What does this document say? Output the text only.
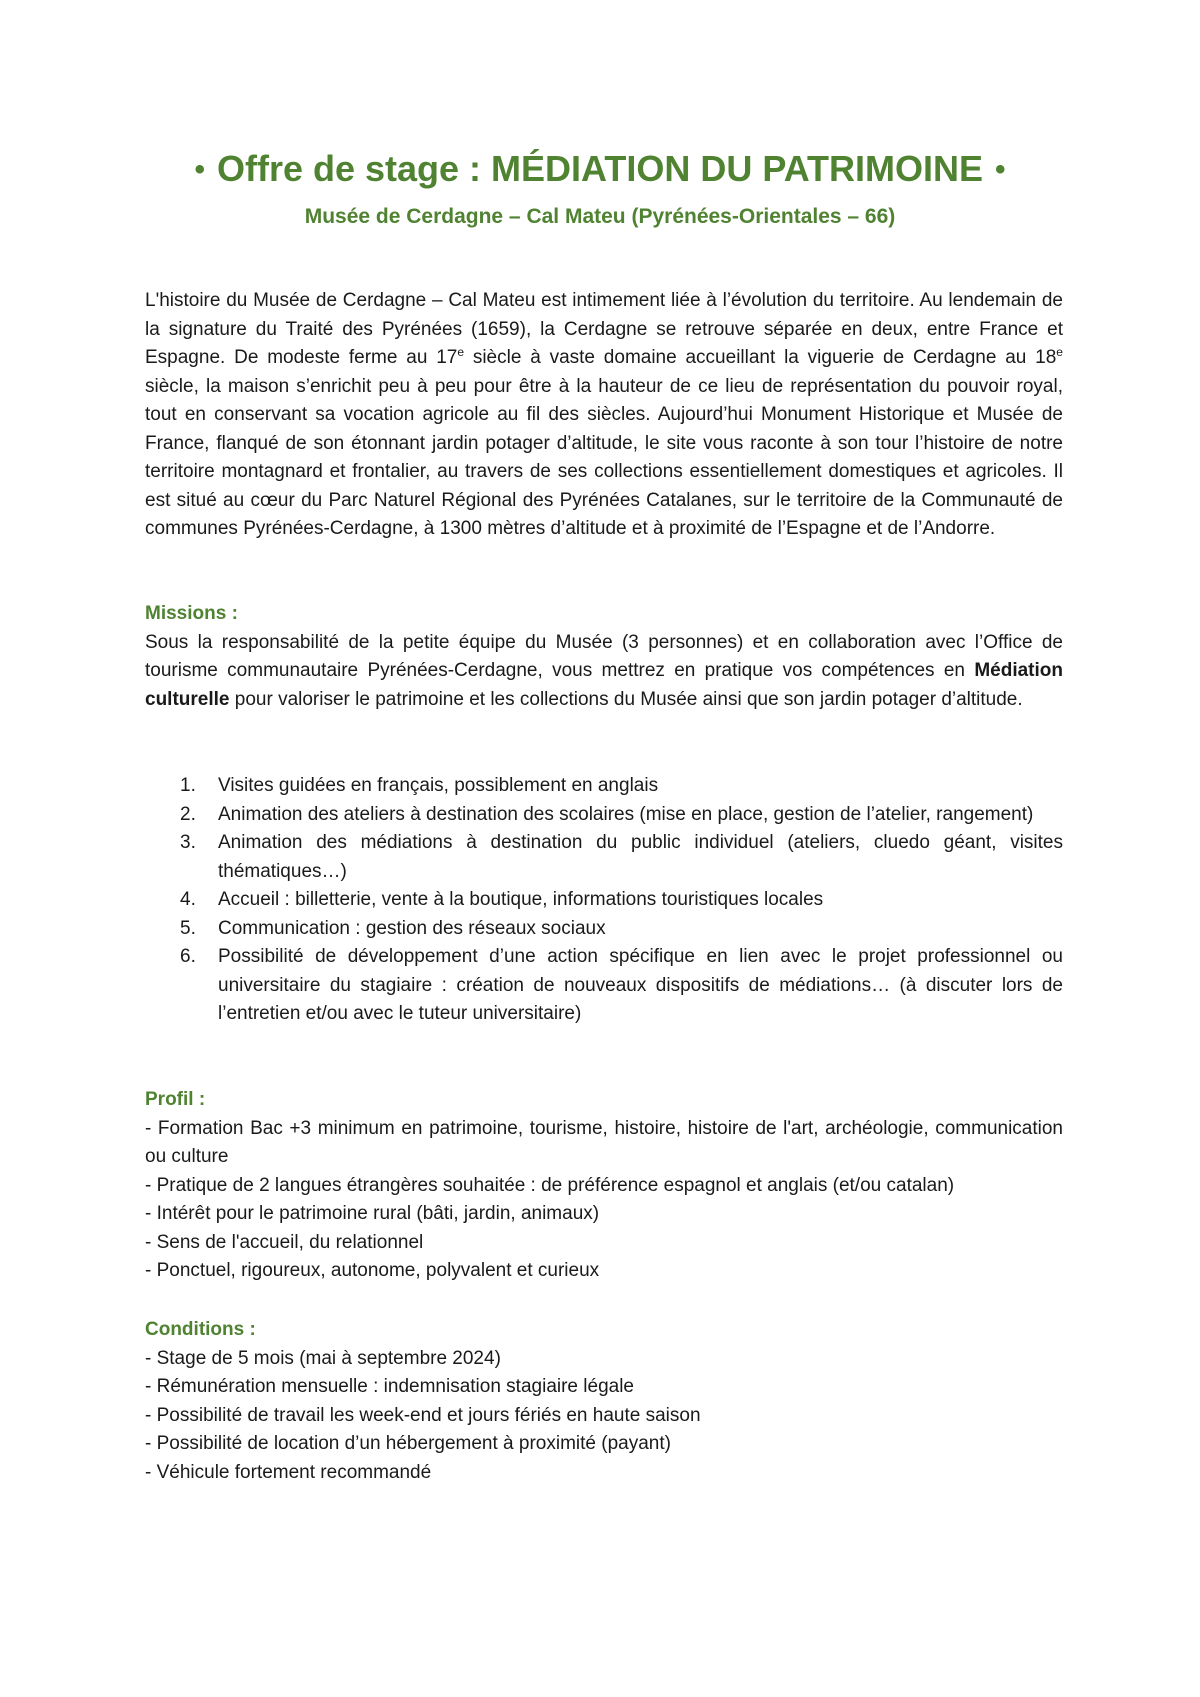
• Offre de stage : MÉDIATION DU PATRIMOINE •
Musée de Cerdagne – Cal Mateu (Pyrénées-Orientales – 66)
L'histoire du Musée de Cerdagne – Cal Mateu est intimement liée à l’évolution du territoire. Au lendemain de la signature du Traité des Pyrénées (1659), la Cerdagne se retrouve séparée en deux, entre France et Espagne. De modeste ferme au 17e siècle à vaste domaine accueillant la viguerie de Cerdagne au 18e siècle, la maison s’enrichit peu à peu pour être à la hauteur de ce lieu de représentation du pouvoir royal, tout en conservant sa vocation agricole au fil des siècles. Aujourd’hui Monument Historique et Musée de France, flanqué de son étonnant jardin potager d’altitude, le site vous raconte à son tour l’histoire de notre territoire montagnard et frontalier, au travers de ses collections essentiellement domestiques et agricoles. Il est situé au cœur du Parc Naturel Régional des Pyrénées Catalanes, sur le territoire de la Communauté de communes Pyrénées-Cerdagne, à 1300 mètres d’altitude et à proximité de l’Espagne et de l’Andorre.
Missions :

Sous la responsabilité de la petite équipe du Musée (3 personnes) et en collaboration avec l’Office de tourisme communautaire Pyrénées-Cerdagne, vous mettrez en pratique vos compétences en Médiation culturelle pour valoriser le patrimoine et les collections du Musée ainsi que son jardin potager d’altitude.

1. Visites guidées en français, possiblement en anglais
2. Animation des ateliers à destination des scolaires (mise en place, gestion de l’atelier, rangement)
3. Animation des médiations à destination du public individuel (ateliers, cluedo géant, visites thématiques…)
4. Accueil : billetterie, vente à la boutique, informations touristiques locales
5. Communication : gestion des réseaux sociaux
6. Possibilité de développement d’une action spécifique en lien avec le projet professionnel ou universitaire du stagiaire : création de nouveaux dispositifs de médiations… (à discuter lors de l’entretien et/ou avec le tuteur universitaire)
Profil :
- Formation Bac +3 minimum en patrimoine, tourisme, histoire, histoire de l'art, archéologie, communication ou culture
- Pratique de 2 langues étrangères souhaitée : de préférence espagnol et anglais (et/ou catalan)
- Intérêt pour le patrimoine rural (bâti, jardin, animaux)
- Sens de l'accueil, du relationnel
- Ponctuel, rigoureux, autonome, polyvalent et curieux
Conditions :
- Stage de 5 mois (mai à septembre 2024)
- Rémunération mensuelle : indemnisation stagiaire légale
- Possibilité de travail les week-end et jours fériés en haute saison
- Possibilité de location d’un hébergement à proximité (payant)
- Véhicule fortement recommandé
